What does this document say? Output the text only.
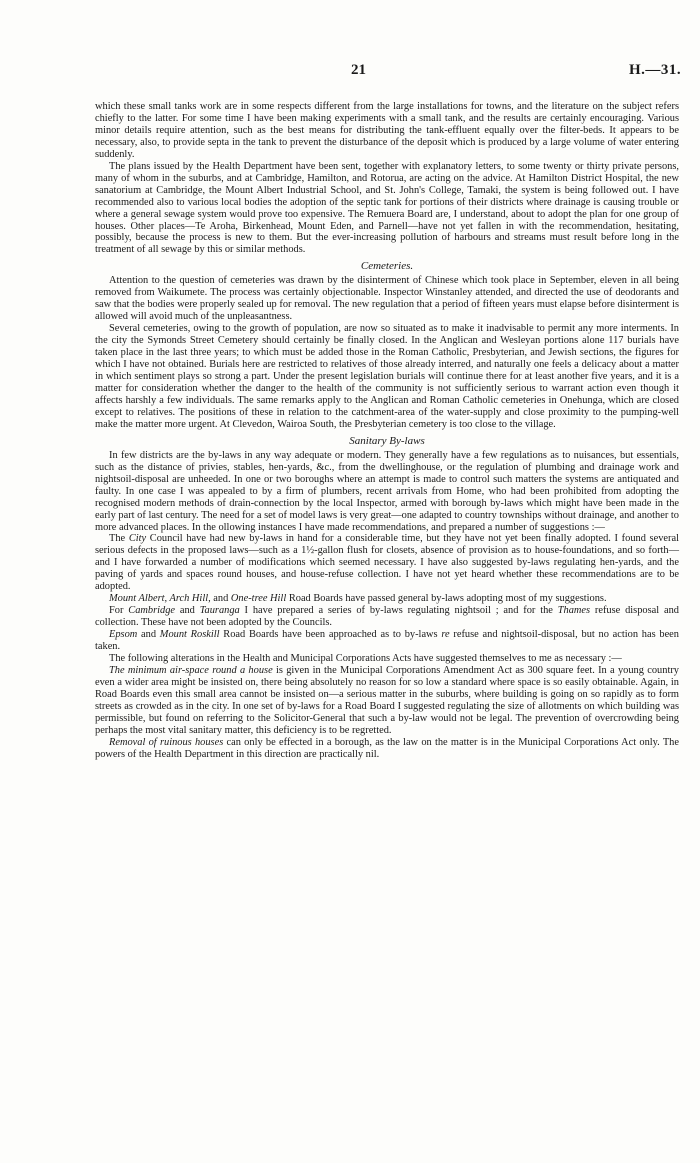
21	H.—31.

which these small tanks work are in some respects different from the large installations for towns, and the literature on the subject refers chiefly to the latter. For some time I have been making experiments with a small tank, and the results are certainly encouraging. Various minor details require attention, such as the best means for distributing the tank-effluent equally over the filter-beds. It appears to be necessary, also, to provide septa in the tank to prevent the disturbance of the deposit which is produced by a large volume of water entering suddenly.

The plans issued by the Health Department have been sent, together with explanatory letters, to some twenty or thirty private persons, many of whom in the suburbs, and at Cambridge, Hamilton, and Rotorua, are acting on the advice. At Hamilton District Hospital, the new sanatorium at Cambridge, the Mount Albert Industrial School, and St. John's College, Tamaki, the system is being followed out. I have recommended also to various local bodies the adoption of the septic tank for portions of their districts where drainage is causing trouble or where a general sewage system would prove too expensive. The Remuera Board are, I understand, about to adopt the plan for one group of houses. Other places—Te Aroha, Birkenhead, Mount Eden, and Parnell—have not yet fallen in with the recommendation, hesitating, possibly, because the process is new to them. But the ever-increasing pollution of harbours and streams must result before long in the treatment of all sewage by this or similar methods.

Cemeteries.

Attention to the question of cemeteries was drawn by the disinterment of Chinese which took place in September, eleven in all being removed from Waikumete. The process was certainly objectionable. Inspector Winstanley attended, and directed the use of deodorants and saw that the bodies were properly sealed up for removal. The new regulation that a period of fifteen years must elapse before disinterment is allowed will avoid much of the unpleasantness.

Several cemeteries, owing to the growth of population, are now so situated as to make it inadvisable to permit any more interments. In the city the Symonds Street Cemetery should certainly be finally closed. In the Anglican and Wesleyan portions alone 117 burials have taken place in the last three years; to which must be added those in the Roman Catholic, Presbyterian, and Jewish sections, the figures for which I have not obtained. Burials here are restricted to relatives of those already interred, and naturally one feels a delicacy about a matter in which sentiment plays so strong a part. Under the present legislation burials will continue there for at least another five years, and it is a matter for consideration whether the danger to the health of the community is not sufficiently serious to warrant action even though it affects harshly a few individuals. The same remarks apply to the Anglican and Roman Catholic cemeteries in Onehunga, which are closed except to relatives. The positions of these in relation to the catchment-area of the water-supply and close proximity to the pumping-well make the matter more urgent. At Clevedon, Wairoa South, the Presbyterian cemetery is too close to the village.

Sanitary By-laws

In few districts are the by-laws in any way adequate or modern. They generally have a few regulations as to nuisances, but essentials, such as the distance of privies, stables, hen-yards, &c., from the dwellinghouse, or the regulation of plumbing and drainage work and nightsoil-disposal are unheeded. In one or two boroughs where an attempt is made to control such matters the systems are antiquated and faulty. In one case I was appealed to by a firm of plumbers, recent arrivals from Home, who had been prohibited from adopting the recognised modern methods of drain-connection by the local Inspector, armed with borough by-laws which might have been made in the early part of last century. The need for a set of model laws is very great—one adapted to country townships without drainage, and another to more advanced places. In the ollowing instances I have made recommendations, and prepared a number of suggestions :—

The City Council have had new by-laws in hand for a considerable time, but they have not yet been finally adopted. I found several serious defects in the proposed laws—such as a 1½-gallon flush for closets, absence of provision as to house-foundations, and so forth—and I have forwarded a number of modifications which seemed necessary. I have also suggested by-laws regulating hen-yards, and the paving of yards and spaces round houses, and house-refuse collection. I have not yet heard whether these recommendations are to be adopted.

Mount Albert, Arch Hill, and One-tree Hill Road Boards have passed general by-laws adopting most of my suggestions.

For Cambridge and Tauranga I have prepared a series of by-laws regulating nightsoil ; and for the Thames refuse disposal and collection. These have not been adopted by the Councils.

Epsom and Mount Roskill Road Boards have been approached as to by-laws re refuse and nightsoil-disposal, but no action has been taken.

The following alterations in the Health and Municipal Corporations Acts have suggested themselves to me as necessary :—

The minimum air-space round a house is given in the Municipal Corporations Amendment Act as 300 square feet. In a young country even a wider area might be insisted on, there being absolutely no reason for so low a standard where space is so easily obtainable. Again, in Road Boards even this small area cannot be insisted on—a serious matter in the suburbs, where building is going on so rapidly as to form streets as crowded as in the city. In one set of by-laws for a Road Board I suggested regulating the size of allotments on which building was permissible, but found on referring to the Solicitor-General that such a by-law would not be legal. The prevention of overcrowding being perhaps the most vital sanitary matter, this deficiency is to be regretted.

Removal of ruinous houses can only be effected in a borough, as the law on the matter is in the Municipal Corporations Act only. The powers of the Health Department in this direction are practically nil.
